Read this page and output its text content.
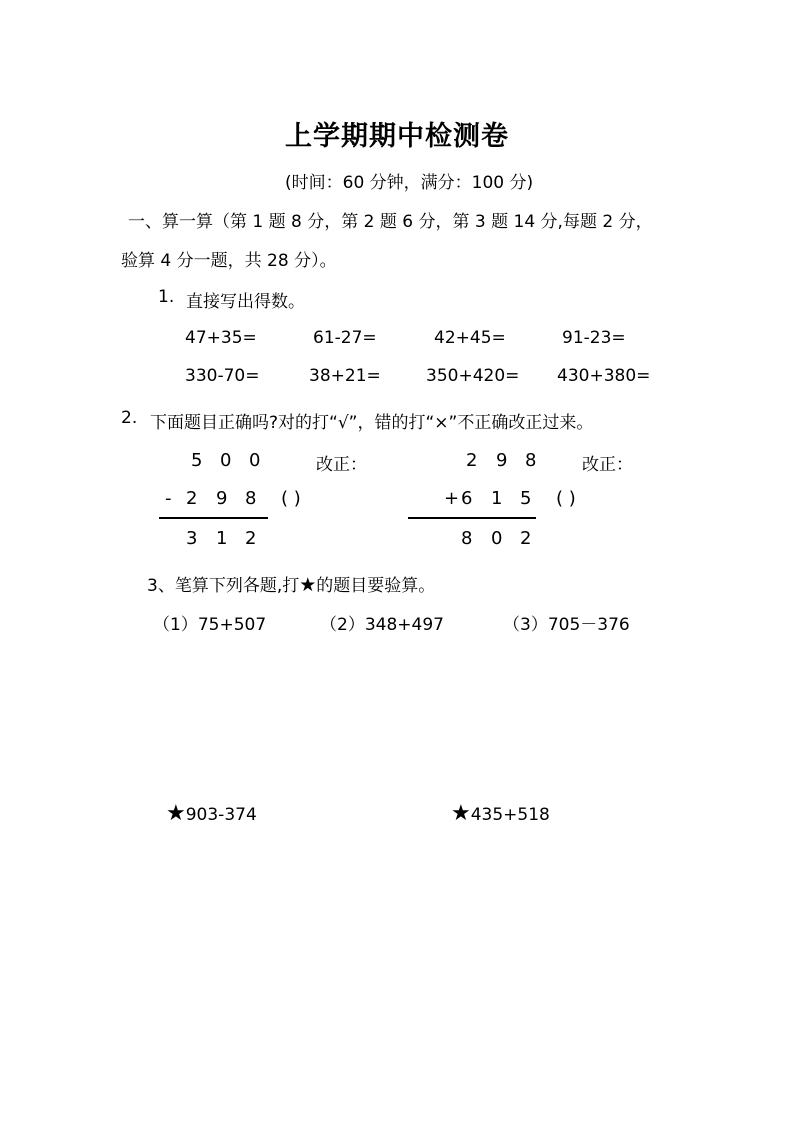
上学期期中检测卷
(时间：60 分钟，满分：100 分)
一、算一算（第 1 题 8 分，第 2 题 6 分，第 3 题 14 分,每题 2 分，
验算 4 分一题，共 28 分）。
1. 直接写出得数。
47+35=	61-27=	42+45=	91-23=
330-70=	38+21=	350+420= 430+380=
2. 下面题目正确吗?对的打“√”，错的打“×”不正确改正过来。
5 0 0	改正：
- 2 9 8 ( )
3 1 2
2 9 8	改正：
+ 6 1 5 ( )
8 0 2
3、笔算下列各题,打★的题目要验算。
（1）75+507	（2）348+497	（3）705－376
★903-374	★435+518
